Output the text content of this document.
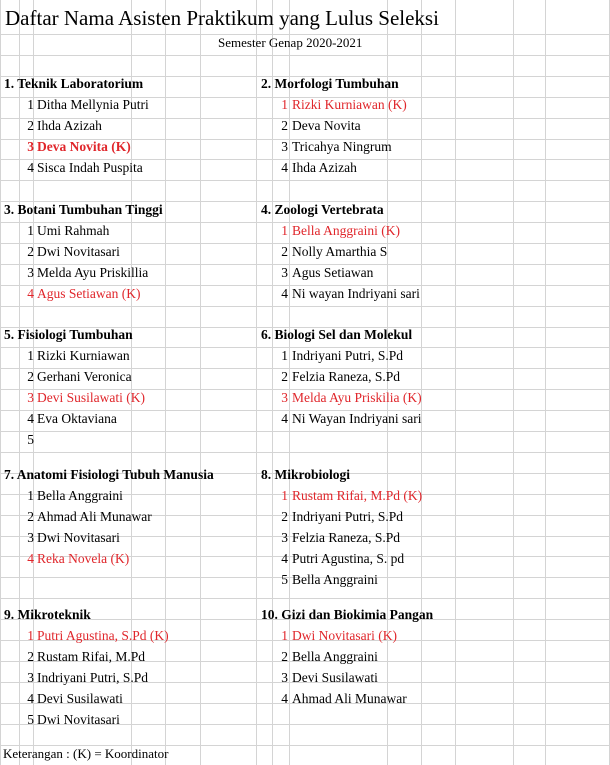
Daftar Nama Asisten Praktikum yang Lulus Seleksi
Semester Genap 2020-2021
1. Teknik Laboratorium
1 Ditha Mellynia Putri
2 Ihda Azizah
3 Deva Novita (K)
4 Sisca Indah Puspita
2. Morfologi Tumbuhan
1 Rizki Kurniawan (K)
2 Deva Novita
3 Tricahya Ningrum
4 Ihda Azizah
3. Botani Tumbuhan Tinggi
1 Umi Rahmah
2 Dwi Novitasari
3 Melda Ayu Priskillia
4 Agus Setiawan (K)
4. Zoologi Vertebrata
1 Bella Anggraini (K)
2 Nolly Amarthia S
3 Agus Setiawan
4 Ni wayan Indriyani sari
5. Fisiologi Tumbuhan
1 Rizki Kurniawan
2 Gerhani Veronica
3 Devi Susilawati (K)
4 Eva Oktaviana
5
6. Biologi Sel dan Molekul
1 Indriyani Putri, S.Pd
2 Felzia Raneza, S.Pd
3 Melda Ayu Priskilia (K)
4 Ni Wayan Indriyani sari
7. Anatomi Fisiologi Tubuh Manusia
1 Bella Anggraini
2 Ahmad Ali Munawar
3 Dwi Novitasari
4 Reka Novela (K)
8. Mikrobiologi
1 Rustam Rifai, M.Pd (K)
2 Indriyani Putri, S.Pd
3 Felzia Raneza, S.Pd
4 Putri Agustina, S. pd
5 Bella Anggraini
9. Mikroteknik
1 Putri Agustina, S.Pd (K)
2 Rustam Rifai, M.Pd
3 Indriyani Putri, S.Pd
4 Devi Susilawati
5 Dwi Novitasari
10. Gizi dan Biokimia Pangan
1 Dwi Novitasari (K)
2 Bella Anggraini
3 Devi Susilawati
4 Ahmad Ali Munawar
Keterangan : (K) = Koordinator
